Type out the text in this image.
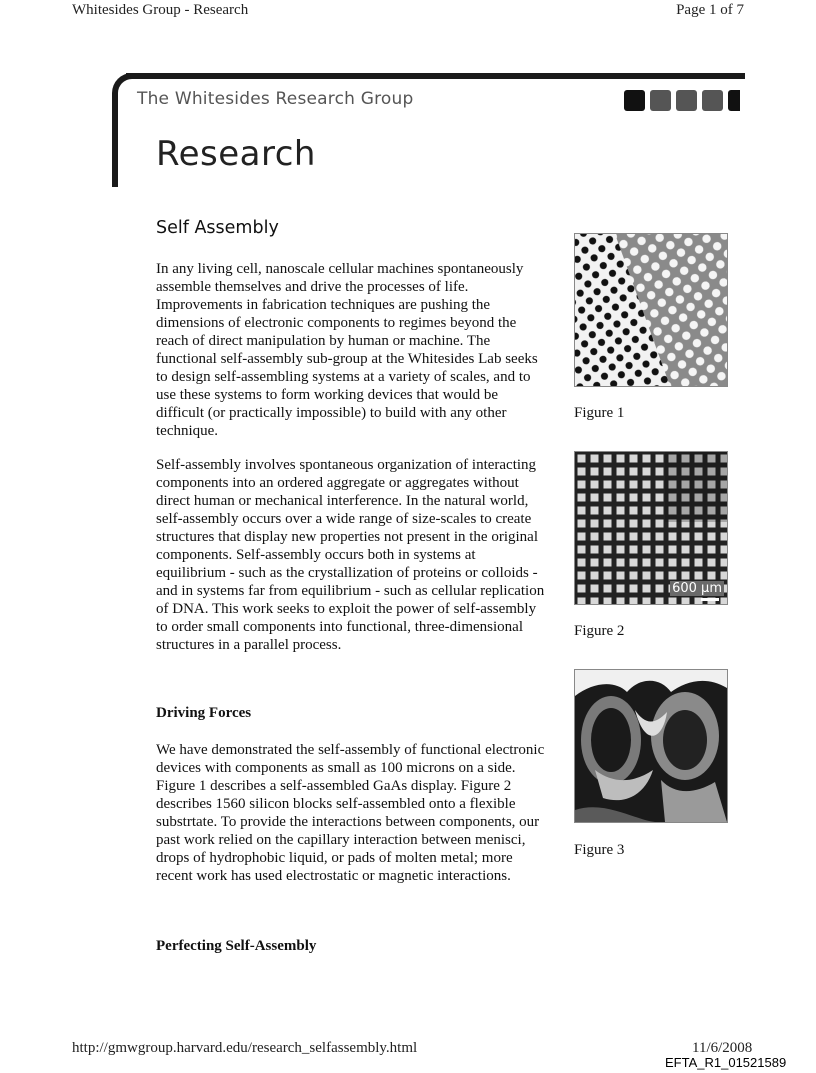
Whitesides Group - Research	Page 1 of 7
The Whitesides Research Group
Research
Self Assembly

In any living cell, nanoscale cellular machines spontaneously assemble themselves and drive the processes of life. Improvements in fabrication techniques are pushing the dimensions of electronic components to regimes beyond the reach of direct manipulation by human or machine. The functional self-assembly sub-group at the Whitesides Lab seeks to design self-assembling systems at a variety of scales, and to use these systems to form working devices that would be difficult (or practically impossible) to build with any other technique.

Self-assembly involves spontaneous organization of interacting components into an ordered aggregate or aggregates without direct human or mechanical interference. In the natural world, self-assembly occurs over a wide range of size-scales to create structures that display new properties not present in the original components. Self-assembly occurs both in systems at equilibrium - such as the crystallization of proteins or colloids - and in systems far from equilibrium - such as cellular replication of DNA. This work seeks to exploit the power of self-assembly to order small components into functional, three-dimensional structures in a parallel process.

Driving Forces

We have demonstrated the self-assembly of functional electronic devices with components as small as 100 microns on a side. Figure 1 describes a self-assembled GaAs display. Figure 2 describes 1560 silicon blocks self-assembled onto a flexible substrtate. To provide the interactions between components, our past work relied on the capillary interaction between menisci, drops of hydrophobic liquid, or pads of molten metal; more recent work has used electrostatic or magnetic interactions.

Perfecting Self-Assembly
Figure 1
600 µm
Figure 2
Figure 3
http://gmwgroup.harvard.edu/research_selfassembly.html	11/6/2008
EFTA_R1_01521589
